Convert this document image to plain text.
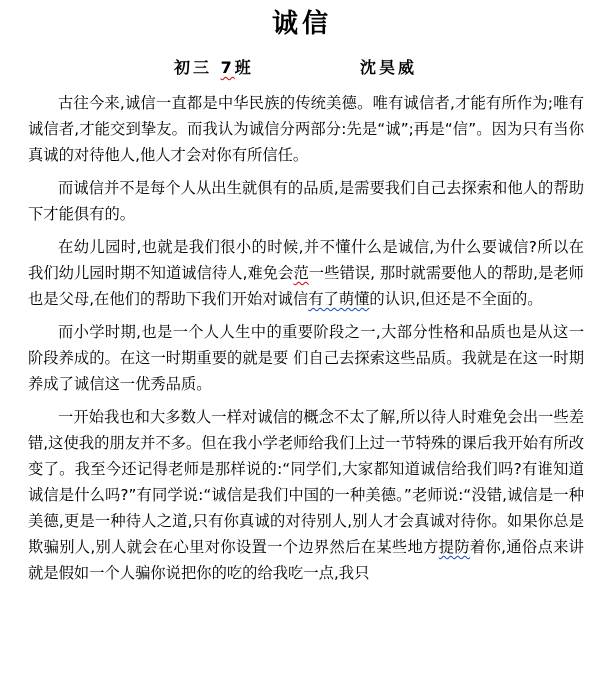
诚信
初三 7班	沈昊威

古往今来,诚信一直都是中华民族的传统美德。唯有诚信者,才能有所作为;唯有诚信者,才能交到挚友。而我认为诚信分两部分:先是“诚”;再是“信”。因为只有当你真诚的对待他人,他人才会对你有所信任。

而诚信并不是每个人从出生就俱有的品质,是需要我们自己去探索和他人的帮助下才能俱有的。

在幼儿园时,也就是我们很小的时候,并不懂什么是诚信,为什么要诚信?所以在我们幼儿园时期不知道诚信待人,难免会范一些错误, 那时就需要他人的帮助,是老师也是父母,在他们的帮助下我们开始对诚信有了萌懂的认识,但还是不全面的。

而小学时期,也是一个人人生中的重要阶段之一,大部分性格和品质也是从这一阶段养成的。在这一时期重要的就是要 们自己去探索这些品质。我就是在这一时期养成了诚信这一优秀品质。

一开始我也和大多数人一样对诚信的概念不太了解,所以待人时难免会出一些差错,这使我的朋友并不多。但在我小学老师给我们上过一节特殊的课后我开始有所改变了。我至今还记得老师是那样说的:“同学们,大家都知道诚信给我们吗?有谁知道诚信是什么吗?”有同学说:“诚信是我们中国的一种美德。”老师说:“没错,诚信是一种美德,更是一种待人之道,只有你真诚的对待别人,别人才会真诚对待你。如果你总是欺骗别人,别人就会在心里对你设置一个边界然后在某些地方提防着你,通俗点来讲就是假如一个人骗你说把你的吃的给我吃一点,我只
